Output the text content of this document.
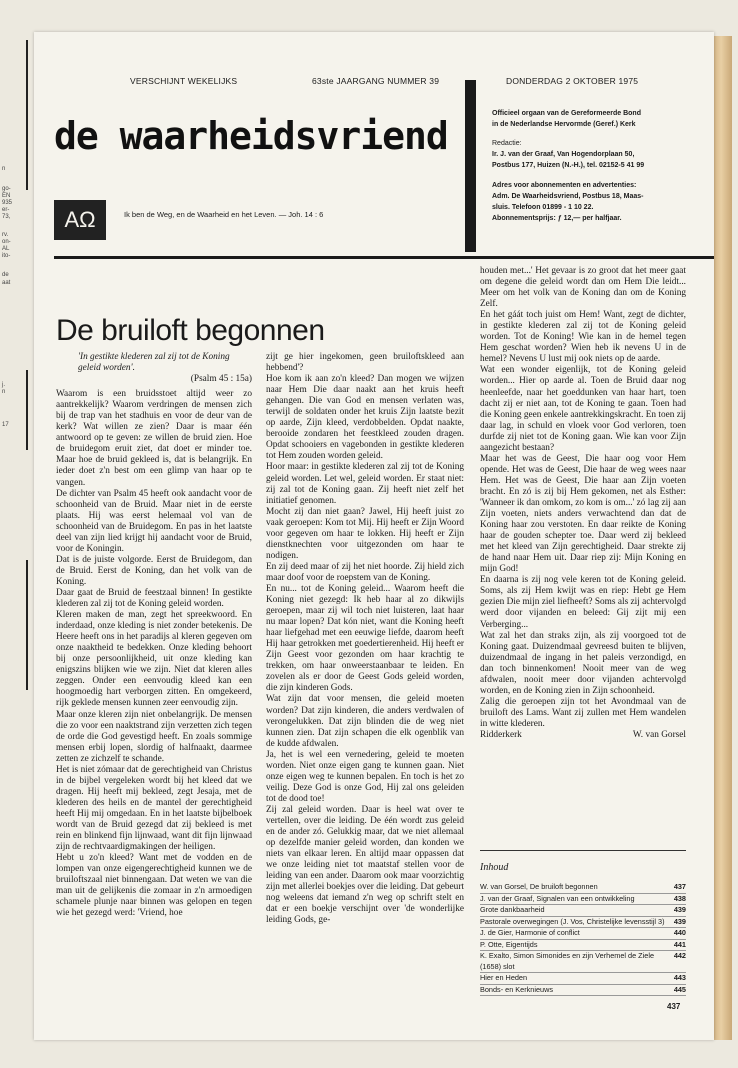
n
go-
EN
935
er-
73,
rv.
on-
AL
ito-
de
aat
j.
n
17
VERSCHIJNT WEKELIJKS	63ste JAARGANG NUMMER 39	DONDERDAG 2 OKTOBER 1975
de waarheidsvriend
ΑΩ	Ik ben de Weg, en de Waarheid en het Leven. — Joh. 14 : 6

Officieel orgaan van de Gereformeerde Bond

in de Nederlandse Hervormde (Geref.) Kerk

Redactie:

Ir. J. van der Graaf, Van Hogendorplaan 50,

Postbus 177, Huizen (N.-H.), tel. 02152-5 41 99

Adres voor abonnementen en advertenties:

Adm. De Waarheidsvriend, Postbus 18, Maas-

sluis. Telefoon 01899 - 1 10 22.

Abonnementsprijs: ƒ 12,— per halfjaar.

De bruiloft begonnen

'In gestikte klederen zal zij tot de Koning geleid worden'.

(Psalm 45 : 15a)

Waarom is een bruidsstoet altijd weer zo aantrekkelijk? Waarom verdringen de mensen zich bij de trap van het stadhuis en voor de deur van de kerk? Wat willen ze zien? Daar is maar één antwoord op te geven: ze willen de bruid zien. Hoe de bruidegom eruit ziet, dat doet er minder toe. Maar hoe de bruid gekleed is, dat is belangrijk. En ieder doet z'n best om een glimp van haar op te vangen.

De dichter van Psalm 45 heeft ook aandacht voor de schoonheid van de Bruid. Maar niet in de eerste plaats. Hij was eerst helemaal vol van de schoonheid van de Bruidegom. En pas in het laatste deel van zijn lied krijgt hij aandacht voor de Bruid, voor de Koningin.

Dat is de juiste volgorde. Eerst de Bruidegom, dan de Bruid. Eerst de Koning, dan het volk van de Koning.

Daar gaat de Bruid de feestzaal binnen! In gestikte klederen zal zij tot de Koning geleid worden.

Kleren maken de man, zegt het spreekwoord. En inderdaad, onze kleding is niet zonder betekenis. De Heere heeft ons in het paradijs al kleren gegeven om onze naaktheid te bedekken. Onze kleding behoort bij onze persoonlijkheid, uit onze kleding kan enigszins blijken wie we zijn. Niet dat kleren alles zeggen. Onder een eenvoudig kleed kan een hoogmoedig hart verborgen zitten. En omgekeerd, rijk geklede mensen kunnen zeer eenvoudig zijn.

Maar onze kleren zijn niet onbelangrijk. De mensen die zo voor een naaktstrand zijn verzetten zich tegen de orde die God gevestigd heeft. En zoals sommige mensen erbij lopen, slordig of halfnaakt, daarmee zetten ze zichzelf te schande.

Het is niet zómaar dat de gerechtigheid van Christus in de bijbel vergeleken wordt bij het kleed dat we dragen. Hij heeft mij bekleed, zegt Jesaja, met de klederen des heils en de mantel der gerechtigheid heeft Hij mij omgedaan. En in het laatste bijbelboek wordt van de Bruid gezegd dat zij bekleed is met rein en blinkend fijn lijnwaad, want dit fijn lijnwaad zijn de rechtvaardigmakingen der heiligen.

Hebt u zo'n kleed? Want met de vodden en de lompen van onze eigengerechtigheid kunnen we de bruiloftszaal niet binnengaan. Dat weten we van die man uit de gelijkenis die zomaar in z'n armoedigen schamele plunje naar binnen was gelopen en tegen wie het gezegd werd: 'Vriend, hoe

zijt ge hier ingekomen, geen bruiloftskleed aan hebbend'?

Hoe kom ik aan zo'n kleed? Dan mogen we wijzen naar Hem Die daar naakt aan het kruis heeft gehangen. Die van God en mensen verlaten was, terwijl de soldaten onder het kruis Zijn laatste bezit op aarde, Zijn kleed, verdobbelden. Opdat naakte, berooide zondaren het feestkleed zouden dragen. Opdat schooiers en vagebonden in gestikte klederen tot Hem zouden worden geleid.

Hoor maar: in gestikte klederen zal zij tot de Koning geleid worden. Let wel, geleid worden. Er staat niet: zij zal tot de Koning gaan. Zij heeft niet zelf het initiatief genomen.

Mocht zij dan niet gaan? Jawel, Hij heeft juist zo vaak geroepen: Kom tot Mij. Hij heeft er Zijn Woord voor gegeven om haar te lokken. Hij heeft er Zijn dienstknechten voor uitgezonden om haar te nodigen.

En zij deed maar of zij het niet hoorde. Zij hield zich maar doof voor de roepstem van de Koning.

En nu... tot de Koning geleid... Waarom heeft die Koning niet gezegd: Ik heb haar al zo dikwijls geroepen, maar zij wil toch niet luisteren, laat haar nu maar lopen? Dat kón niet, want die Koning heeft haar liefgehad met een eeuwige liefde, daarom heeft Hij haar getrokken met goedertierenheid. Hij heeft er Zijn Geest voor gezonden om haar krachtig te trekken, om haar onweerstaanbaar te leiden. En zovelen als er door de Geest Gods geleid worden, die zijn kinderen Gods.

Wat zijn dat voor mensen, die geleid moeten worden? Dat zijn kinderen, die anders verdwalen of verongelukken. Dat zijn blinden die de weg niet kunnen zien. Dat zijn schapen die elk ogenblik van de kudde afdwalen.

Ja, het is wel een vernedering, geleid te moeten worden. Niet onze eigen gang te kunnen gaan. Niet onze eigen weg te kunnen bepalen. En toch is het zo veilig. Deze God is onze God, Hij zal ons geleiden tot de dood toe!

Zij zal geleid worden. Daar is heel wat over te vertellen, over die leiding. De één wordt zus geleid en de ander zó. Gelukkig maar, dat we niet allemaal op dezelfde manier geleid worden, dan konden we niets van elkaar leren. En altijd maar oppassen dat we onze leiding niet tot maatstaf stellen voor de leiding van een ander. Daarom ook maar voorzichtig zijn met allerlei boekjes over die leiding. Dat gebeurt nog weleens dat iemand z'n weg op schrift stelt en dat er een boekje verschijnt over 'de wonderlijke leiding Gods, ge-

houden met...' Het gevaar is zo groot dat het meer gaat om degene die geleid wordt dan om Hem Die leidt... Meer om het volk van de Koning dan om de Koning Zelf.

En het gáát toch juist om Hem! Want, zegt de dichter, in gestikte klederen zal zij tot de Koning geleid worden. Tot de Koning! Wie kan in de hemel tegen Hem geschat worden? Wien heb ik nevens U in de hemel? Nevens U lust mij ook niets op de aarde.

Wat een wonder eigenlijk, tot de Koning geleid worden... Hier op aarde al. Toen de Bruid daar nog heenleefde, naar het goeddunken van haar hart, toen dacht zij er niet aan, tot de Koning te gaan. Toen had die Koning geen enkele aantrekkingskracht. En toen zij daar lag, in schuld en vloek voor God verloren, toen durfde zij niet tot de Koning gaan. Wie kan voor Zijn aangezicht bestaan?

Maar het was de Geest, Die haar oog voor Hem opende. Het was de Geest, Die haar de weg wees naar Hem. Het was de Geest, Die haar aan Zijn voeten bracht. En zó is zij bij Hem gekomen, net als Esther: 'Wanneer ik dan omkom, zo kom is om...' zó lag zij aan Zijn voeten, niets anders verwachtend dan dat de Koning haar zou verstoten. En daar reikte de Koning haar de gouden schepter toe. Daar werd zij bekleed met het kleed van Zijn gerechtigheid. Daar strekte zij de hand naar Hem uit. Daar riep zij: Mijn Koning en mijn God!

En daarna is zij nog vele keren tot de Koning geleid. Soms, als zij Hem kwijt was en riep: Hebt ge Hem gezien Die mijn ziel liefheeft? Soms als zij achtervolgd werd door vijanden en beleed: Gij zijt mij een Verberging...

Wat zal het dan straks zijn, als zij voorgoed tot de Koning gaat. Duizendmaal gevreesd buiten te blijven, duizendmaal de ingang in het paleis verzondigd, en dan toch binnenkomen! Nooit meer van de weg afdwalen, nooit meer door vijanden achtervolgd worden, en de Koning zien in Zijn schoonheid.

Zalig die geroepen zijn tot het Avondmaal van de bruiloft des Lams. Want zij zullen met Hem wandelen in witte klederen.

Ridderkerk	W. van Gorsel
Inhoud
W. van Gorsel, De bruiloft begonnen	437
J. van der Graaf, Signalen van een ontwikkeling	438
Grote dankbaarheid	439
Pastorale overwegingen (J. Vos, Christelijke levensstijl 3) 439
J. de Gier, Harmonie of conflict	440
P. Otte, Eigentijds	441
K. Exalto, Simon Simonides en zijn Verhemel de Ziele (1658) slot
442
Hier en Heden	443
Bonds- en Kerknieuws	445
437
